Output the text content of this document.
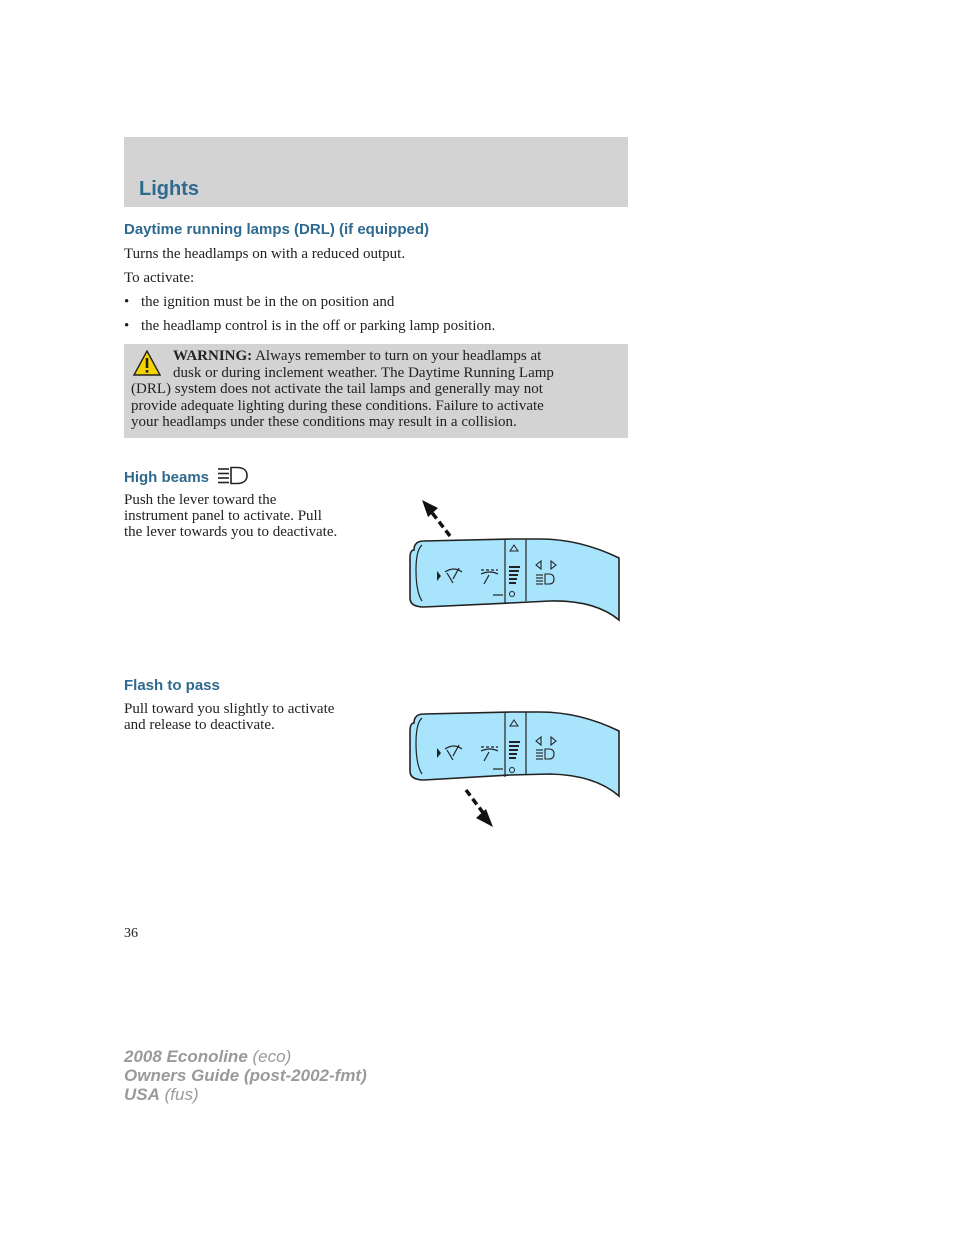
Lights
Daytime running lamps (DRL) (if equipped)

Turns the headlamps on with a reduced output.

To activate:

• the ignition must be in the on position and
• the headlamp control is in the off or parking lamp position.

WARNING: Always remember to turn on your headlamps at
dusk or during inclement weather. The Daytime Running Lamp
(DRL) system does not activate the tail lamps and generally may not
provide adequate lighting during these conditions. Failure to activate
your headlamps under these conditions may result in a collision.

High beams

Push the lever toward the
instrument panel to activate. Pull
the lever towards you to deactivate.

Flash to pass

Pull toward you slightly to activate
and release to deactivate.

36

2008 Econoline (eco)
Owners Guide (post-2002-fmt)
USA (fus)
